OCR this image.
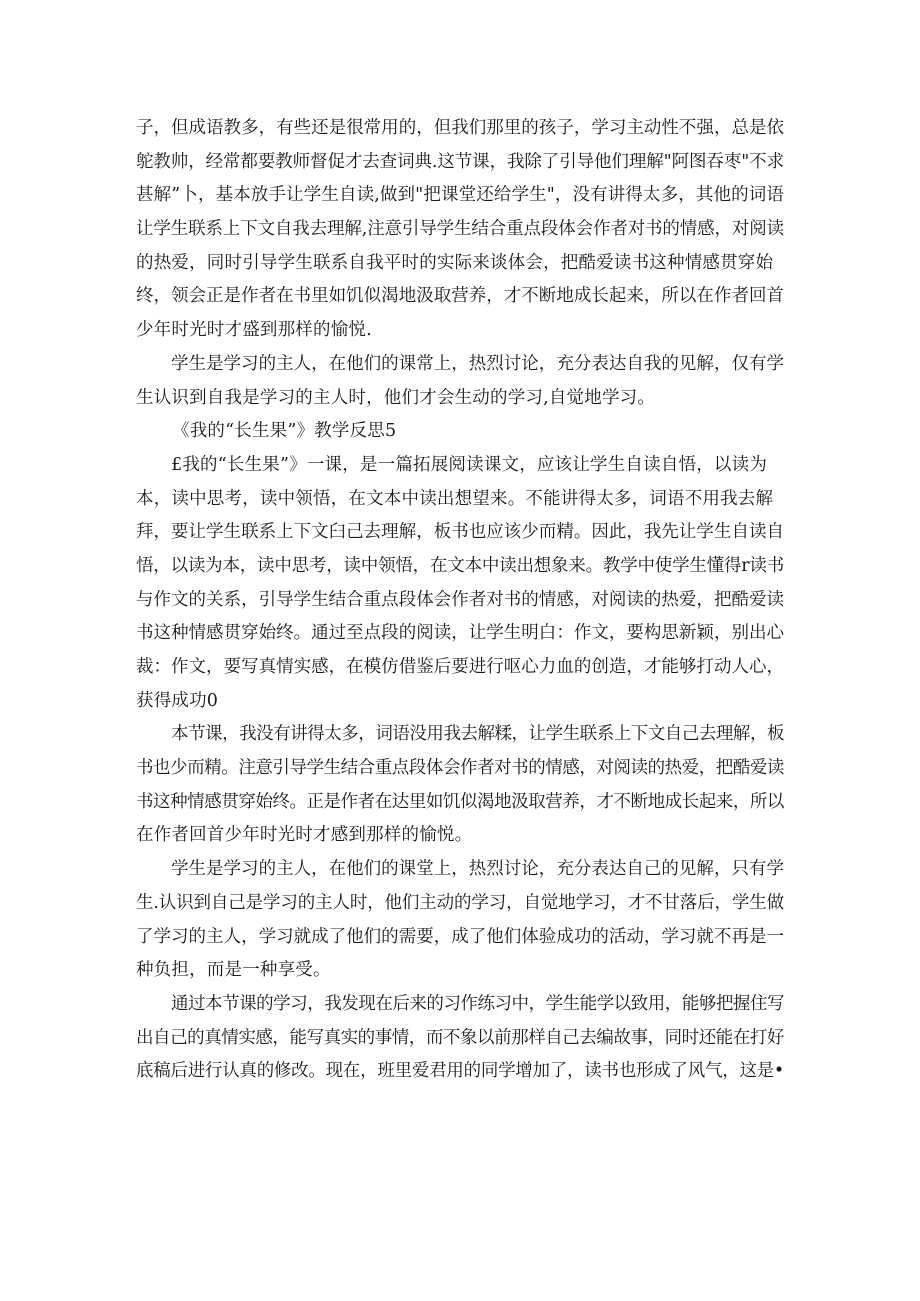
子，但成语教多，有些还是很常用的，但我们那里的孩子，学习主动性不强，总是依
鸵教帅，经常都要教师督促才去查词典.这节课，我除了引导他们理解"阿图吞枣"不求
甚解”卜，基本放手让学生自读,做到"把课堂还给学生"，没有讲得太多，其他的词语
让学生联系上下文自我去理解,注意引导学生结合重点段体会作者对书的情感，对阅读
的热爱，同时引导学生联系自我平时的实际来谈体会，把酷爱读书这种情感贯穿始
终，领会正是作者在书里如饥似渴地汲取营养，才不断地成长起来，所以在作者回首
少年时光时才盛到那样的愉悦.
学生是学习的主人，在他们的课常上，热烈讨论，充分表达自我的见解，仅有学
生认识到自我是学习的主人时，他们才会生动的学习,自觉地学习。
《我的“长生果”》教学反思5
£我的“长生果”》一课，是一篇拓展阅读课文，应该让学生自读自悟，以读为
本，读中思考，读中领悟，在文本中读出想望来。不能讲得太多，词语不用我去解
拜，要让学生联系上下文臼己去理解，板书也应该少而精。因此，我先让学生自读自
悟，以读为本，读中思考，读中领悟，在文本中读出想象来。教学中使学生懂得r读书
与作文的关系，引导学生结合重点段体会作者对书的情感，对阅读的热爱，把酷爱读
书这种情感贯穿始终。通过至点段的阅读，让学生明白：作文，要构思新颖，别出心
裁：作文，要写真情实感，在模仿借鉴后要进行呕心力血的创造，才能够打动人心，
获得成功0
本节课，我没有讲得太多，词语没用我去解糅，让学生联系上下文自己去理解，板
书也少而精。注意引导学生结合重点段体会作者对书的情感，对阅读的热爱，把酷爱读
书这种情感贯穿始终。正是作者在达里如饥似渴地汲取营养，才不断地成长起来，所以
在作者回首少年时光时才感到那样的愉悦。
学生是学习的主人，在他们的课堂上，热烈讨论，充分表达自己的见解，只有学
生.认识到自己是学习的主人时，他们主动的学习，自觉地学习，才不甘落后，学生做
了学习的主人，学习就成了他们的需要，成了他们体验成功的活动，学习就不再是一
种负担，而是一种享受。
通过本节课的学习，我发现在后来的习作练习中，学生能学以致用，能够把握住写
出自己的真情实感，能写真实的事情，而不象以前那样自己去编故事，同时还能在打好
底稿后进行认真的修改。现在，班里爱君用的同学增加了，读书也形成了风气，这是•
